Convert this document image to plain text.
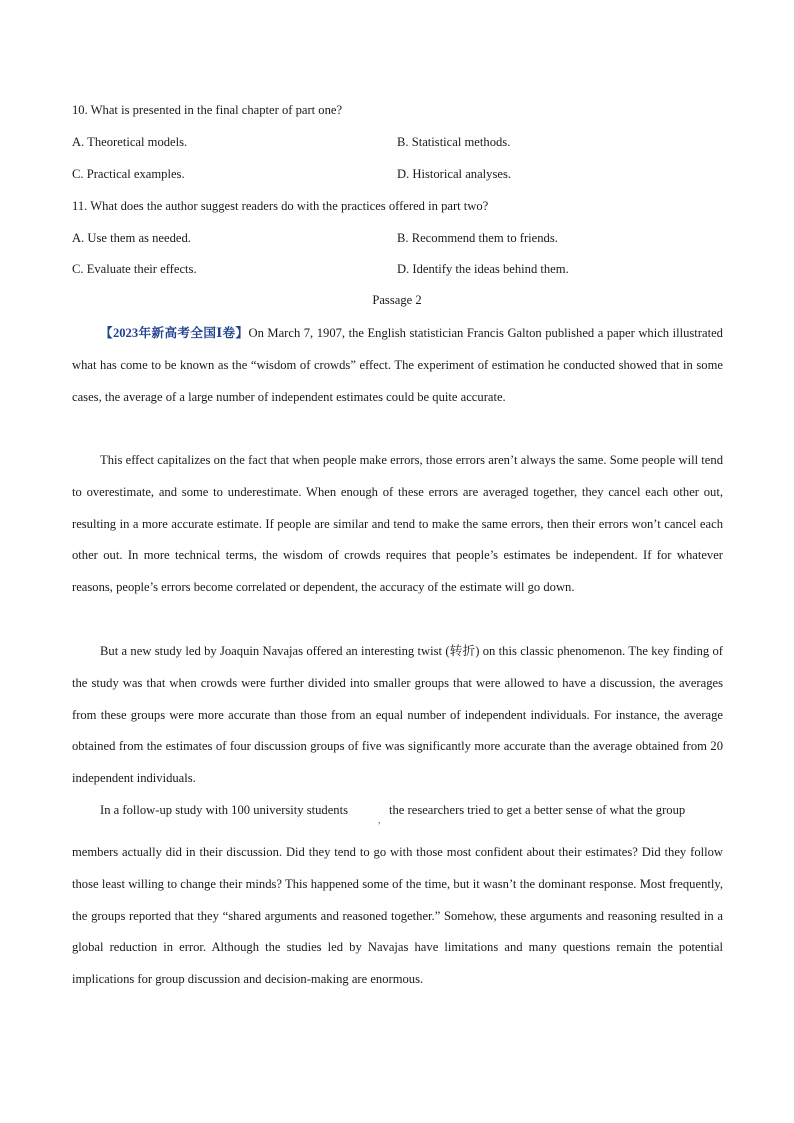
10. What is presented in the final chapter of part one?
A. Theoretical models.	B. Statistical methods.
C. Practical examples.	D. Historical analyses.
11. What does the author suggest readers do with the practices offered in part two?
A. Use them as needed.	B. Recommend them to friends.
C. Evaluate their effects.	D. Identify the ideas behind them.
Passage 2
【2023年新高考全国Ⅰ卷】On March 7, 1907, the English statistician Francis Galton published a paper which illustrated what has come to be known as the “wisdom of crowds” effect. The experiment of estimation he conducted showed that in some cases, the average of a large number of independent estimates could be quite accurate.
This effect capitalizes on the fact that when people make errors, those errors aren’t always the same. Some people will tend to overestimate, and some to underestimate. When enough of these errors are averaged together, they cancel each other out, resulting in a more accurate estimate. If people are similar and tend to make the same errors, then their errors won’t cancel each other out. In more technical terms, the wisdom of crowds requires that people’s estimates be independent. If for whatever reasons, people’s errors become correlated or dependent, the accuracy of the estimate will go down.
But a new study led by Joaquin Navajas offered an interesting twist (转折) on this classic phenomenon. The key finding of the study was that when crowds were further divided into smaller groups that were allowed to have a discussion, the averages from these groups were more accurate than those from an equal number of independent individuals. For instance, the average obtained from the estimates of four discussion groups of five was significantly more accurate than the average obtained from 20 independent individuals.
In a follow-up study with 100 university students
,
the researchers tried to get a better sense of what the group
members actually did in their discussion. Did they tend to go with those most confident about their estimates? Did they follow those least willing to change their minds? This happened some of the time, but it wasn’t the dominant response. Most frequently, the groups reported that they “shared arguments and reasoned together.” Somehow, these arguments and reasoning resulted in a global reduction in error. Although the studies led by Navajas have limitations and many questions remain the potential implications for group discussion and decision-making are enormous.
